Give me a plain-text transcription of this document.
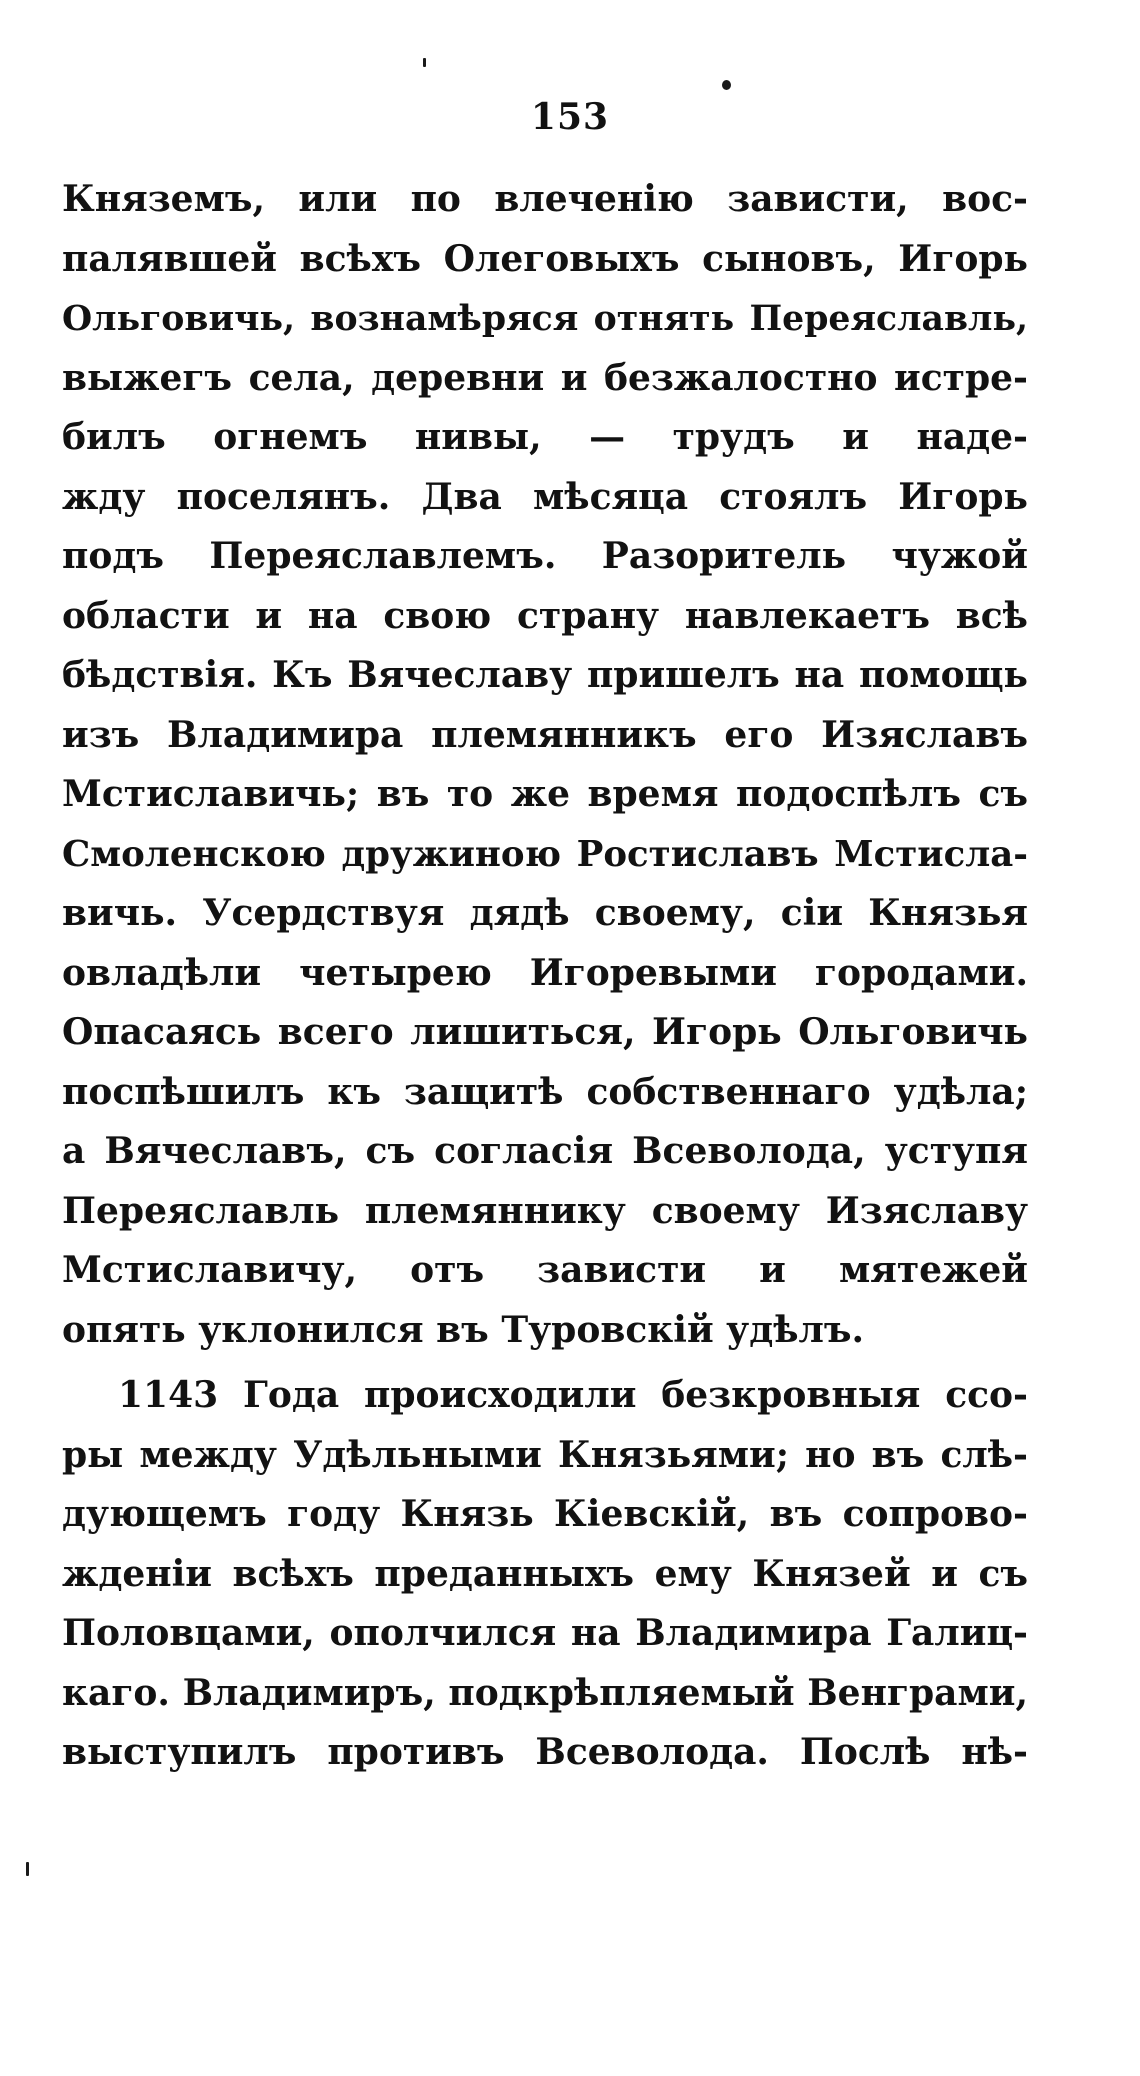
153
Княземъ, или по влеченiю зависти, вос-
палявшей всѣхъ Олеговыхъ сыновъ, Игорь
Ольговичь, вознамѣряся отнять Переяславль,
выжегъ села, деревни и безжалостно истре-
билъ огнемъ нивы, — трудъ и наде-
жду поселянъ. Два мѣсяца стоялъ Игорь
подъ Переяславлемъ. Разоритель чужой
области и на свою страну навлекаетъ всѣ
бѣдствiя. Къ Вячеславу пришелъ на помощь
изъ Владимира племянникъ его Изяславъ
Мстиславичь; въ то же время подоспѣлъ съ
Смоленскою дружиною Ростиславъ Мстисла-
вичь. Усердствуя дядѣ своему, сiи Князья
овладѣли четырею Игоревыми городами.
Опасаясь всего лишиться, Игорь Ольговичь
поспѣшилъ къ защитѣ собственнаго удѣла;
а Вячеславъ, съ согласiя Всеволода, уступя
Переяславль племяннику своему Изяславу
Мстиславичу, отъ зависти и мятежей
опять уклонился въ Туровскiй удѣлъ.
1143 Года происходили безкровныя ссо-
ры между Удѣльными Князьями; но въ слѣ-
дующемъ году Князь Кiевскiй, въ сопрово-
жденiи всѣхъ преданныхъ ему Князей и съ
Половцами, ополчился на Владимира Галиц-
каго. Владимиръ, подкрѣпляемый Венграми,
выступилъ противъ Всеволода. Послѣ нѣ-
